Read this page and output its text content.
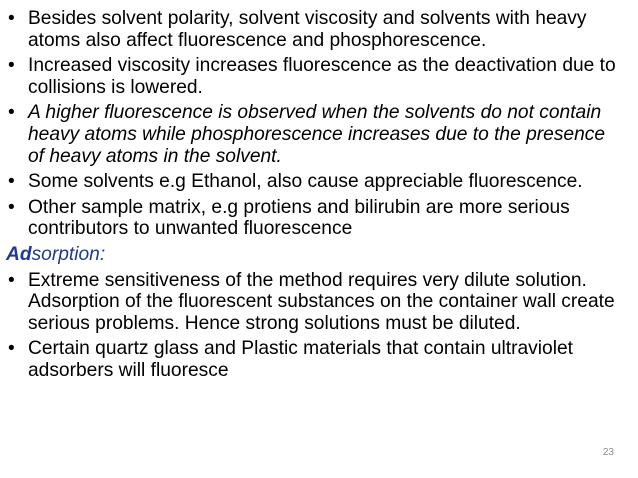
• Besides solvent polarity, solvent viscosity and solvents with heavy atoms also affect fluorescence and phosphorescence.
• Increased viscosity increases fluorescence as the deactivation due to collisions is lowered.
• A higher fluorescence is observed when the solvents do not contain heavy atoms while phosphorescence increases due to the presence of heavy atoms in the solvent.
• Some solvents e.g Ethanol, also cause appreciable fluorescence.
• Other sample matrix, e.g protiens and bilirubin are more serious contributors to unwanted fluorescence
Adsorption:
• Extreme sensitiveness of the method requires very dilute solution. Adsorption of the fluorescent substances on the container wall create serious problems. Hence strong solutions must be diluted.
• Certain quartz glass and Plastic materials that contain ultraviolet adsorbers will fluoresce
23
